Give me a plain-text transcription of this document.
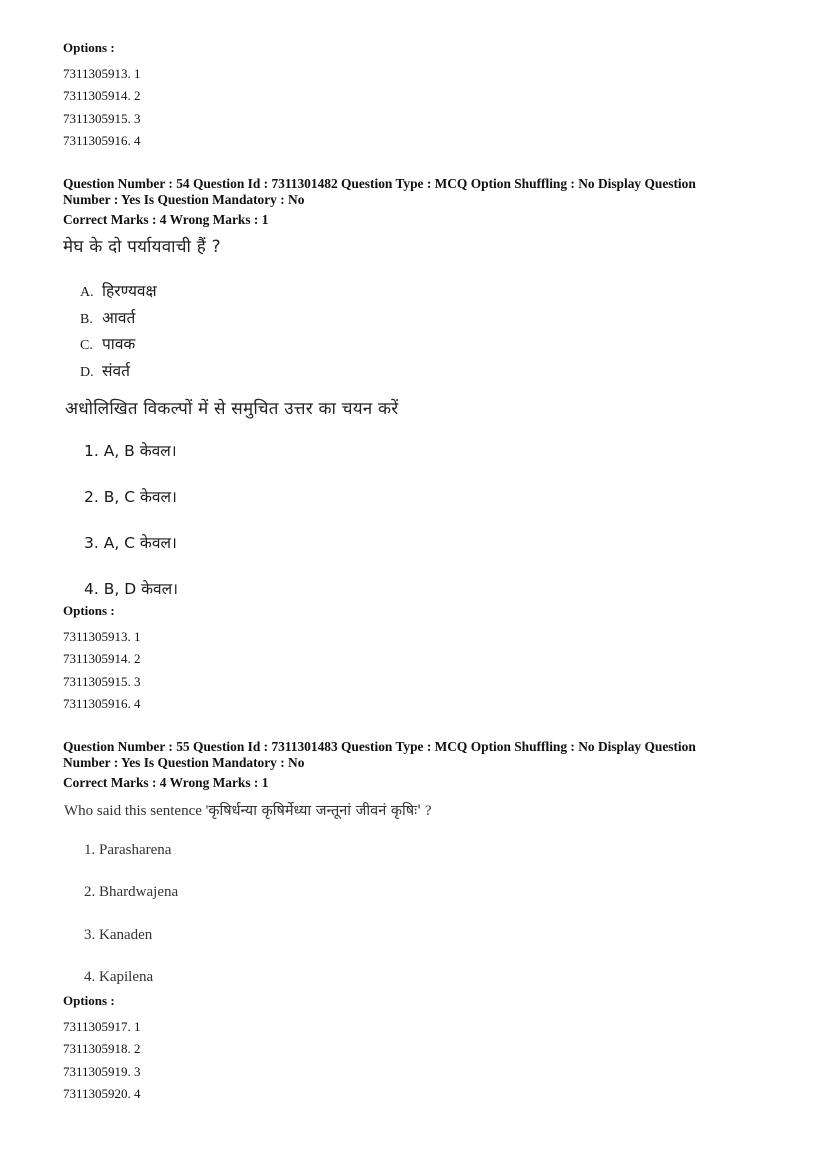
Options :

7311305913. 1

7311305914. 2

7311305915. 3

7311305916. 4

Question Number : 54 Question Id : 7311301482 Question Type : MCQ Option Shuffling : No Display Question

Number : Yes Is Question Mandatory : No

Correct Marks : 4 Wrong Marks : 1

मेघ के दो पर्यायवाची हैं ?
A. हिरण्यवक्ष
B. आवर्त
C. पावक
D. संवर्त
अधोलिखित विकल्पों में से समुचित उत्तर का चयन करें
1. A, B केवल।
2. B, C केवल।
3. A, C केवल।
4. B, D केवल।

Options :

7311305913. 1

7311305914. 2

7311305915. 3

7311305916. 4

Question Number : 55 Question Id : 7311301483 Question Type : MCQ Option Shuffling : No Display Question

Number : Yes Is Question Mandatory : No

Correct Marks : 4 Wrong Marks : 1

Who said this sentence 'कृषिर्धन्या कृषिर्मेध्या जन्तूनां जीवनं कृषिः' ?
1. Parasharena
2. Bhardwajena
3. Kanaden
4. Kapilena

Options :

7311305917. 1

7311305918. 2

7311305919. 3

7311305920. 4
